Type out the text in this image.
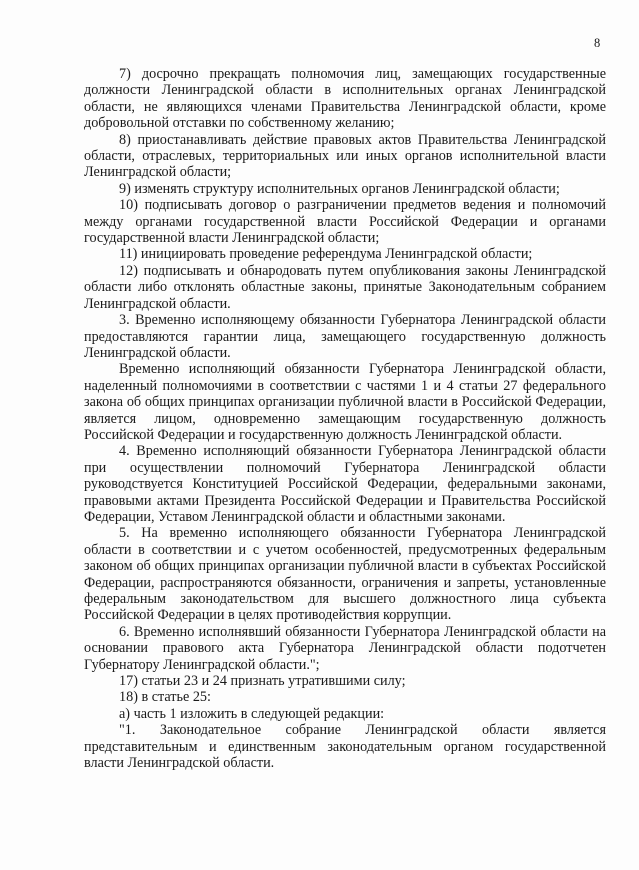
8

7) досрочно прекращать полномочия лиц, замещающих государственные должности Ленинградской области в исполнительных органах Ленинградской области, не являющихся членами Правительства Ленинградской области, кроме добровольной отставки по собственному желанию;

8) приостанавливать действие правовых актов Правительства Ленинградской области, отраслевых, территориальных или иных органов исполнительной власти Ленинградской области;

9) изменять структуру исполнительных органов Ленинградской области;

10) подписывать договор о разграничении предметов ведения и полномочий между органами государственной власти Российской Федерации и органами государственной власти Ленинградской области;

11) инициировать проведение референдума Ленинградской области;

12) подписывать и обнародовать путем опубликования законы Ленинградской области либо отклонять областные законы, принятые Законодательным собранием Ленинградской области.

3. Временно исполняющему обязанности Губернатора Ленинградской области предоставляются гарантии лица, замещающего государственную должность Ленинградской области.

Временно исполняющий обязанности Губернатора Ленинградской области, наделенный полномочиями в соответствии с частями 1 и 4 статьи 27 федерального закона об общих принципах организации публичной власти в Российской Федерации, является лицом, одновременно замещающим государственную должность Российской Федерации и государственную должность Ленинградской области.

4. Временно исполняющий обязанности Губернатора Ленинградской области при осуществлении полномочий Губернатора Ленинградской области руководствуется Конституцией Российской Федерации, федеральными законами, правовыми актами Президента Российской Федерации и Правительства Российской Федерации, Уставом Ленинградской области и областными законами.

5. На временно исполняющего обязанности Губернатора Ленинградской области в соответствии и с учетом особенностей, предусмотренных федеральным законом об общих принципах организации публичной власти в субъектах Российской Федерации, распространяются обязанности, ограничения и запреты, установленные федеральным законодательством для высшего должностного лица субъекта Российской Федерации в целях противодействия коррупции.

6. Временно исполнявший обязанности Губернатора Ленинградской области на основании правового акта Губернатора Ленинградской области подотчетен Губернатору Ленинградской области.";

17) статьи 23 и 24 признать утратившими силу;

18) в статье 25:

а) часть 1 изложить в следующей редакции:

"1. Законодательное собрание Ленинградской области является представительным и единственным законодательным органом государственной власти Ленинградской области.
